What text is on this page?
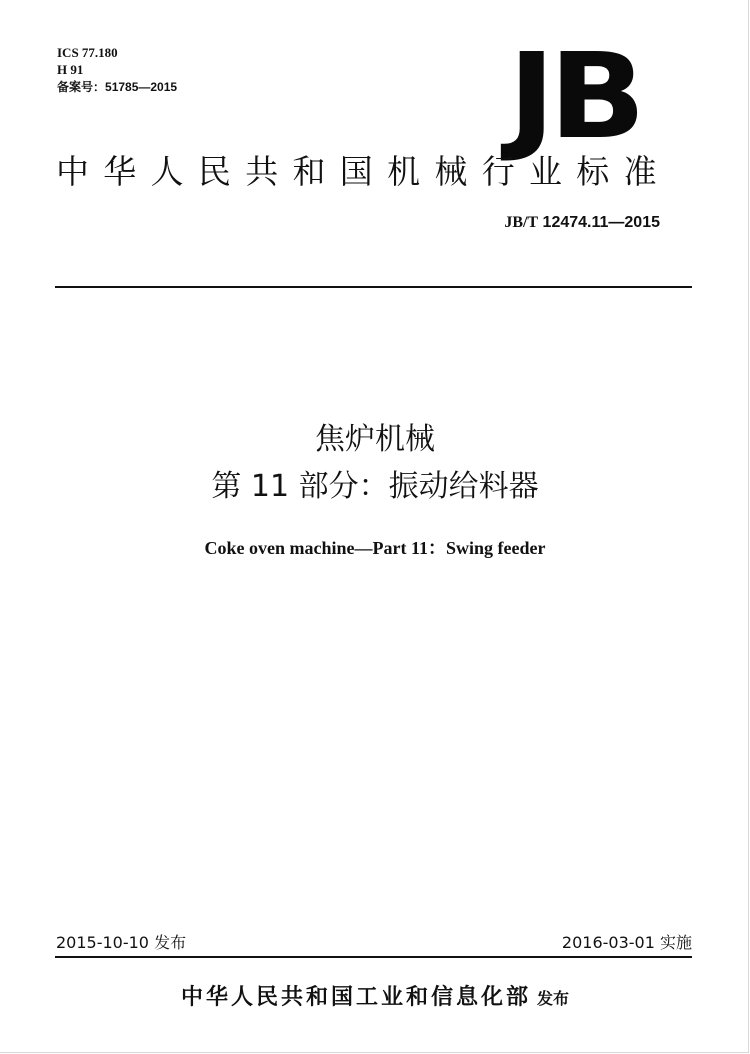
ICS 77.180
H 91
备案号：51785—2015	JB
中华人民共和国机械行业标准
JB/T 12474.11—2015
焦炉机械
第 11 部分：振动给料器
Coke oven machine—Part 11：Swing feeder
2015-10-10 发布	2016-03-01 实施
中华人民共和国工业和信息化部 发布
